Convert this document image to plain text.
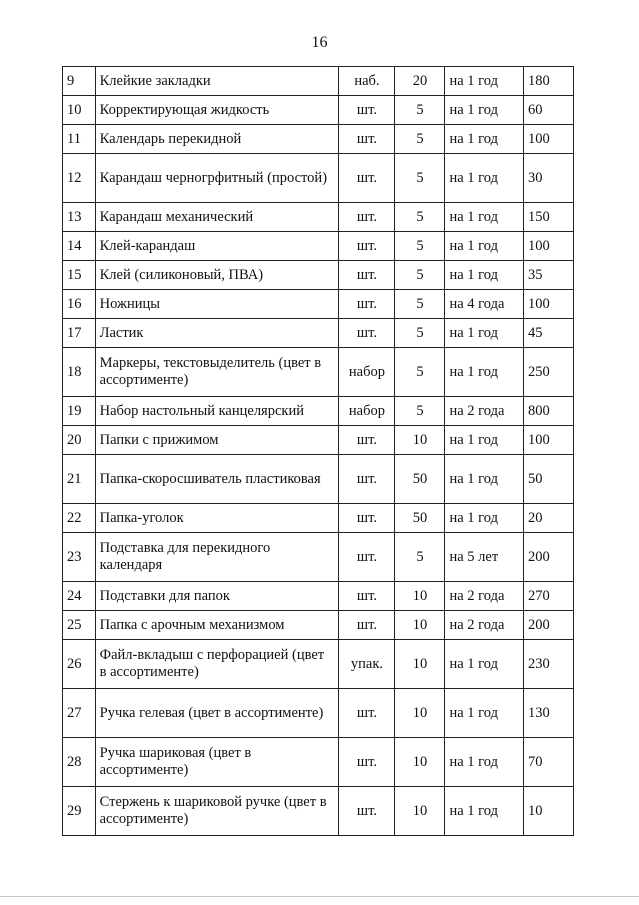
16
9	Клейкие закладки	наб.	20	на 1 год	180
10	Корректирующая жидкость	шт.	5	на 1 год	60
11	Календарь перекидной	шт.	5	на 1 год	100
12	Карандаш черногрфитный (простой)	шт.	5	на 1 год	30
13	Карандаш механический	шт.	5	на 1 год	150
14	Клей-карандаш	шт.	5	на 1 год	100
15	Клей (силиконовый, ПВА)	шт.	5	на 1 год	35
16	Ножницы	шт.	5	на 4 года	100
17	Ластик	шт.	5	на 1 год	45
18	Маркеры, текстовыделитель (цвет в ассортименте)	набор	5	на 1 год	250
19	Набор настольный канцелярский	набор	5	на 2 года	800
20	Папки с прижимом	шт.	10	на 1 год	100
21	Папка-скоросшиватель пластиковая	шт.	50	на 1 год	50
22	Папка-уголок	шт.	50	на 1 год	20
23	Подставка для перекидного календаря	шт.	5	на 5 лет	200
24	Подставки для папок	шт.	10	на 2 года	270
25	Папка с арочным механизмом	шт.	10	на 2 года	200
26	Файл-вкладыш с перфорацией (цвет в ассортименте)	упак.	10	на 1 год	230
27	Ручка гелевая (цвет в ассортименте)	шт.	10	на 1 год	130
28	Ручка шариковая (цвет в ассортименте)	шт.	10	на 1 год	70
29	Стержень к шариковой ручке (цвет в ассортименте)	шт.	10	на 1 год	10
